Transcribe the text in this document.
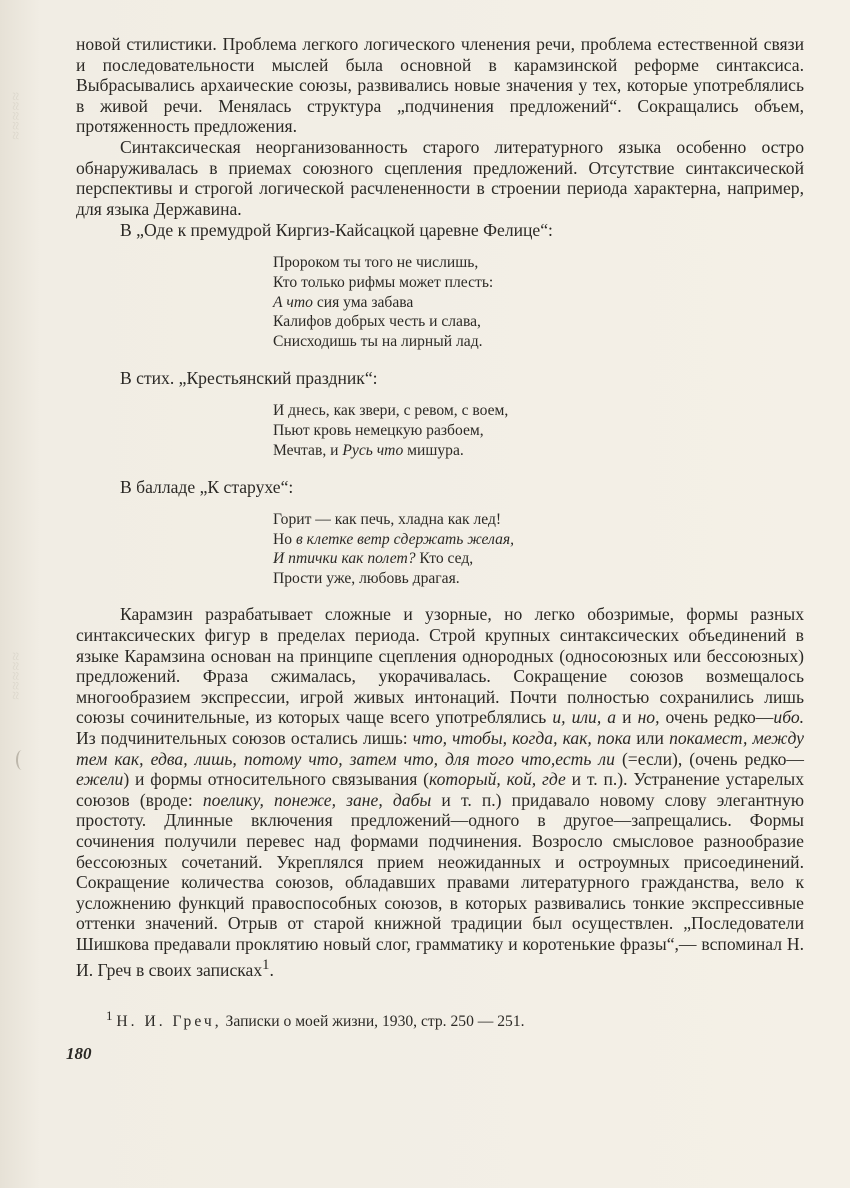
≈≈≈≈≈
≈≈≈≈≈

новой стилистики. Проблема легкого логического членения речи, проблема естественной связи и последовательности мыслей была основной в карамзинской реформе синтаксиса. Выбрасывались архаические союзы, развивались новые значения у тех, которые употреблялись в живой речи. Менялась структура „подчинения предложений“. Сокращались объем, протяженность предложения.

Синтаксическая неорганизованность старого литературного языка особенно остро обнаруживалась в приемах союзного сцепления предложений. Отсутствие синтаксической перспективы и строгой логической расчлененности в строении периода характерна, например, для языка Державина.

В „Оде к премудрой Киргиз-Кайсацкой царевне Фелице“:

Пророком ты того не числишь,
Кто только рифмы может плесть:
А что сия ума забава
Калифов добрых честь и слава,
Снисходишь ты на лирный лад.

В стих. „Крестьянский праздник“:

И днесь, как звери, с ревом, с воем,
Пьют кровь немецкую разбоем,
Мечтав, и Русь что мишура.

В балладе „К старухе“:

Горит — как печь, хладна как лед!
Но в клетке ветр сдержать желая,
И птички как полет? Кто сед,
Прости уже, любовь драгая.

Карамзин разрабатывает сложные и узорные, но легко обозримые, формы разных синтаксических фигур в пределах периода. Строй крупных синтаксических объединений в языке Карамзина основан на принципе сцепления однородных (односоюзных или бессоюзных) предложений. Фраза сжималась, укорачивалась. Сокращение союзов возмещалось многообразием экспрессии, игрой живых интонаций. Почти полностью сохранились лишь союзы сочинительные, из которых чаще всего употреблялись и, или, а и но, очень редко—ибо. Из подчинительных союзов остались лишь: что, чтобы, когда, как, пока или покамест, между тем как, едва, лишь, потому что, затем что, для того что,есть ли (=если), (очень редко—ежели) и формы относительного связывания (который, кой, где и т. п.). Устранение устарелых союзов (вроде: поелику, понеже, зане, дабы и т. п.) придавало новому слову элегантную простоту. Длинные включения предложений—одного в другое—запрещались. Формы сочинения получили перевес над формами подчинения. Возросло смысловое разнообразие бессоюзных сочетаний. Укреплялся прием неожиданных и остроумных присоединений. Сокращение количества союзов, обладавших правами литературного гражданства, вело к усложнению функций правоспособных союзов, в которых развивались тонкие экспрессивные оттенки значений. Отрыв от старой книжной традиции был осуществлен. „Последователи Шишкова предавали проклятию новый слог, грамматику и коротенькие фразы“,— вспоминал Н. И. Греч в своих записках$^1$.

$^1$ Н. И. Греч, Записки о моей жизни, 1930, стр. 250 — 251.

180
